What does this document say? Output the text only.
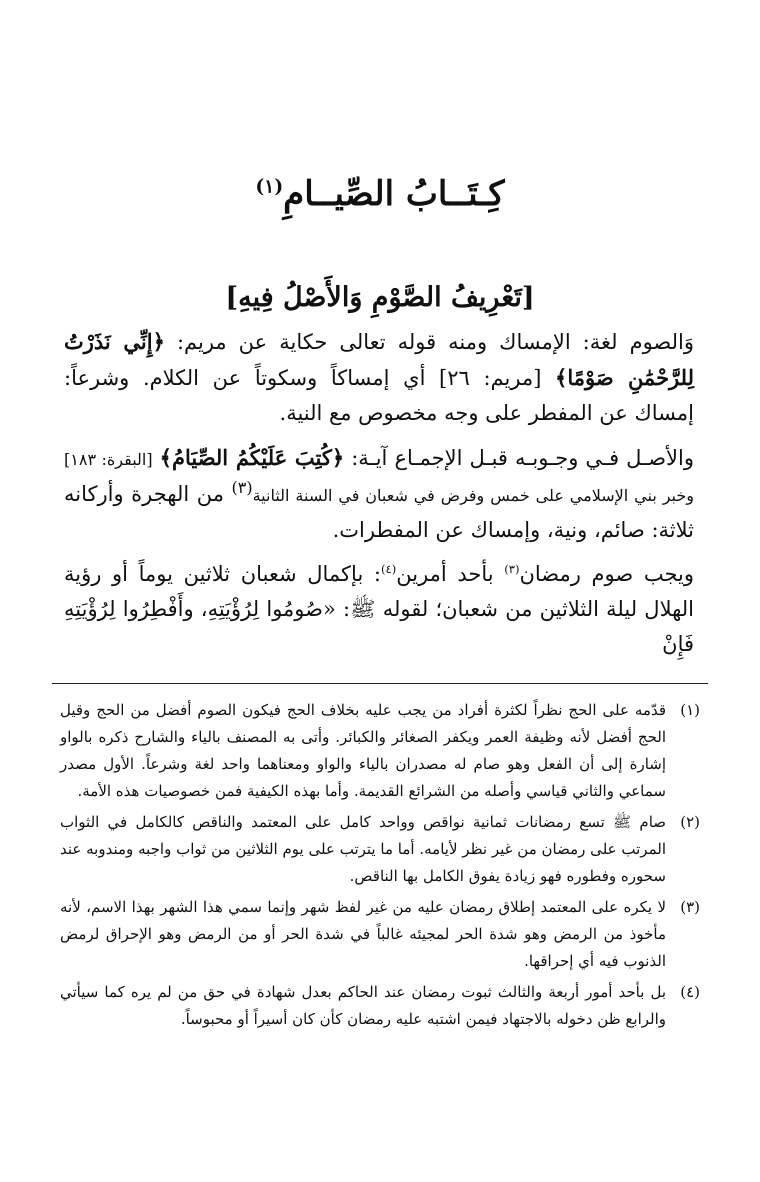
كِـتَــابُ الصِّيــامِ$^{(١)}$
[تَعْرِيفُ الصَّوْمِ وَالأَصْلُ فِيهِ]

وَالصوم لغة: الإمساك ومنه قوله تعالى حكاية عن مريم: ﴿إِنِّي نَذَرْتُ لِلرَّحْمَٰنِ صَوْمًا﴾ [مريم: ٢٦] أي إمساكاً وسكوتاً عن الكلام. وشرعاً: إمساك عن المفطر على وجه مخصوص مع النية.

والأصـل فـي وجـوبـه قبـل الإجمـاع آيـة: ﴿كُتِبَ عَلَيْكُمُ الصِّيَامُ﴾ [البقرة: ١٨٣] وخبر بني الإسلامي على خمس وفرض في شعبان في السنة الثانية$^{(٣)}$ من الهجرة وأركانه ثلاثة: صائم، ونية، وإمساك عن المفطرات.

ويجب صوم رمضان$^{(٣)}$ بأحد أمرين$^{(٤)}$: بإكمال شعبان ثلاثين يوماً أو رؤية الهلال ليلة الثلاثين من شعبان؛ لقوله ﷺ: «صُومُوا لِرُؤْيَتِهِ، وأَفْطِرُوا لِرُؤْيَتِهِ فَإِنْ

(١)
قدّمه على الحج نظراً لكثرة أفراد من يجب عليه بخلاف الحج فيكون الصوم أفضل من الحج وقيل الحج أفضل لأنه وظيفة العمر ويكفر الصغائر والكبائر. وأتى به المصنف بالياء والشارح ذكره بالواو إشارة إلى أن الفعل وهو صام له مصدران بالياء والواو ومعناهما واحد لغة وشرعاً. الأول مصدر سماعي والثاني قياسي وأصله من الشرائع القديمة. وأما بهذه الكيفية فمن خصوصيات هذه الأمة.
(٢)
صام ﷺ تسع رمضانات ثمانية نواقص وواحد كامل على المعتمد والناقص كالكامل في الثواب المرتب على رمضان من غير نظر لأيامه. أما ما يترتب على يوم الثلاثين من ثواب واجبه ومندوبه عند سحوره وفطوره فهو زيادة يفوق الكامل بها الناقص.
(٣)
لا يكره على المعتمد إطلاق رمضان عليه من غير لفظ شهر وإنما سمي هذا الشهر بهذا الاسم، لأنه مأخوذ من الرمض وهو شدة الحر لمجيئه غالباً في شدة الحر أو من الرمض وهو الإحراق لرمض الذنوب فيه أي إحراقها.
(٤)
بل بأحد أمور أربعة والثالث ثبوت رمضان عند الحاكم بعدل شهادة في حق من لم يره كما سيأتي والرابع ظن دخوله بالاجتهاد فيمن اشتبه عليه رمضان كأن كان أسيراً أو محبوساً.
